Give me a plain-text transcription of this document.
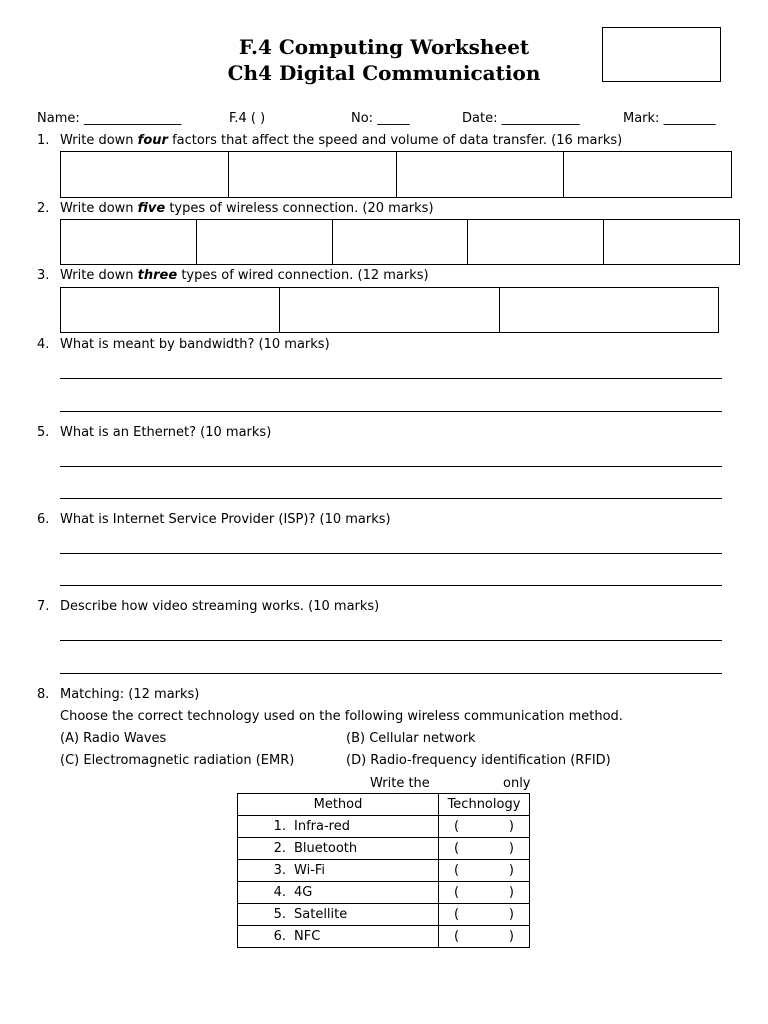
F.4 Computing Worksheet
Ch4 Digital Communication
Name: _______________	F.4 ( )	No: _____	Date: ____________	Mark: ________
1. Write down four factors that affect the speed and volume of data transfer. (16 marks)
2. Write down five types of wireless connection. (20 marks)
3. Write down three types of wired connection. (12 marks)
4. What is meant by bandwidth? (10 marks)
5. What is an Ethernet? (10 marks)
6. What is Internet Service Provider (ISP)? (10 marks)
7. Describe how video streaming works. (10 marks)
8. Matching: (12 marks)
Choose the correct technology used on the following wireless communication method.
(A) Radio Waves	(B) Cellular network
(C) Electromagnetic radiation (EMR)	(D) Radio-frequency identification (RFID)
Write the	only
Method	Technology
1. Infra-red	( )

2. Bluetooth	( )

3. Wi-Fi	( )

4. 4G	( )

5. Satellite	( )

6. NFC	( )
